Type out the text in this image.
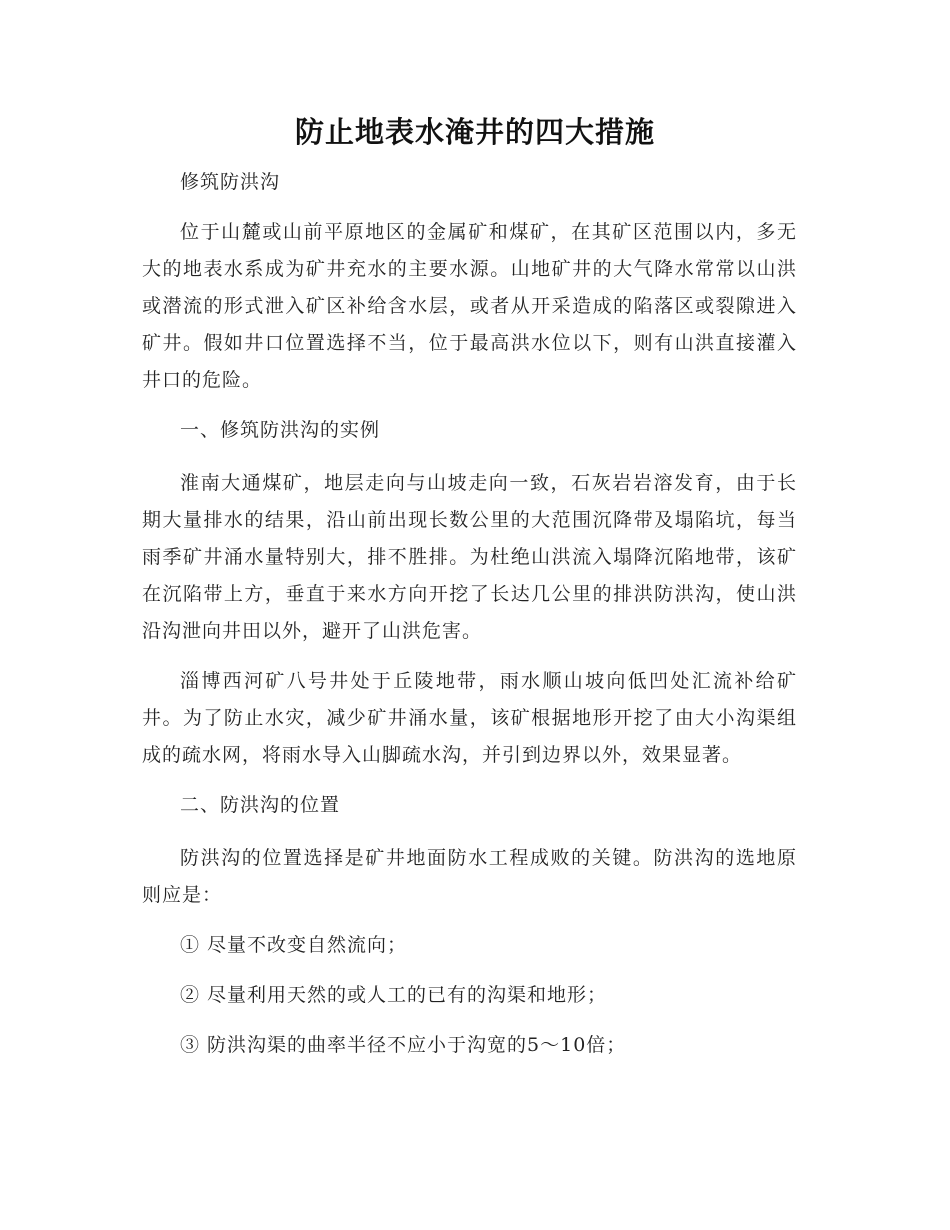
防止地表水淹井的四大措施

修筑防洪沟

位于山麓或山前平原地区的金属矿和煤矿，在其矿区范围以内，多无大的地表水系成为矿井充水的主要水源。山地矿井的大气降水常常以山洪或潜流的形式泄入矿区补给含水层，或者从开采造成的陷落区或裂隙进入矿井。假如井口位置选择不当，位于最高洪水位以下，则有山洪直接灌入井口的危险。

一、修筑防洪沟的实例

淮南大通煤矿，地层走向与山坡走向一致，石灰岩岩溶发育，由于长期大量排水的结果，沿山前出现长数公里的大范围沉降带及塌陷坑，每当雨季矿井涌水量特别大，排不胜排。为杜绝山洪流入塌降沉陷地带，该矿在沉陷带上方，垂直于来水方向开挖了长达几公里的排洪防洪沟，使山洪沿沟泄向井田以外，避开了山洪危害。

淄博西河矿八号井处于丘陵地带，雨水顺山坡向低凹处汇流补给矿井。为了防止水灾，减少矿井涌水量，该矿根据地形开挖了由大小沟渠组成的疏水网，将雨水导入山脚疏水沟，并引到边界以外，效果显著。

二、防洪沟的位置

防洪沟的位置选择是矿井地面防水工程成败的关键。防洪沟的选地原则应是：

① 尽量不改变自然流向；

② 尽量利用天然的或人工的已有的沟渠和地形；

③ 防洪沟渠的曲率半径不应小于沟宽的5～10倍；
